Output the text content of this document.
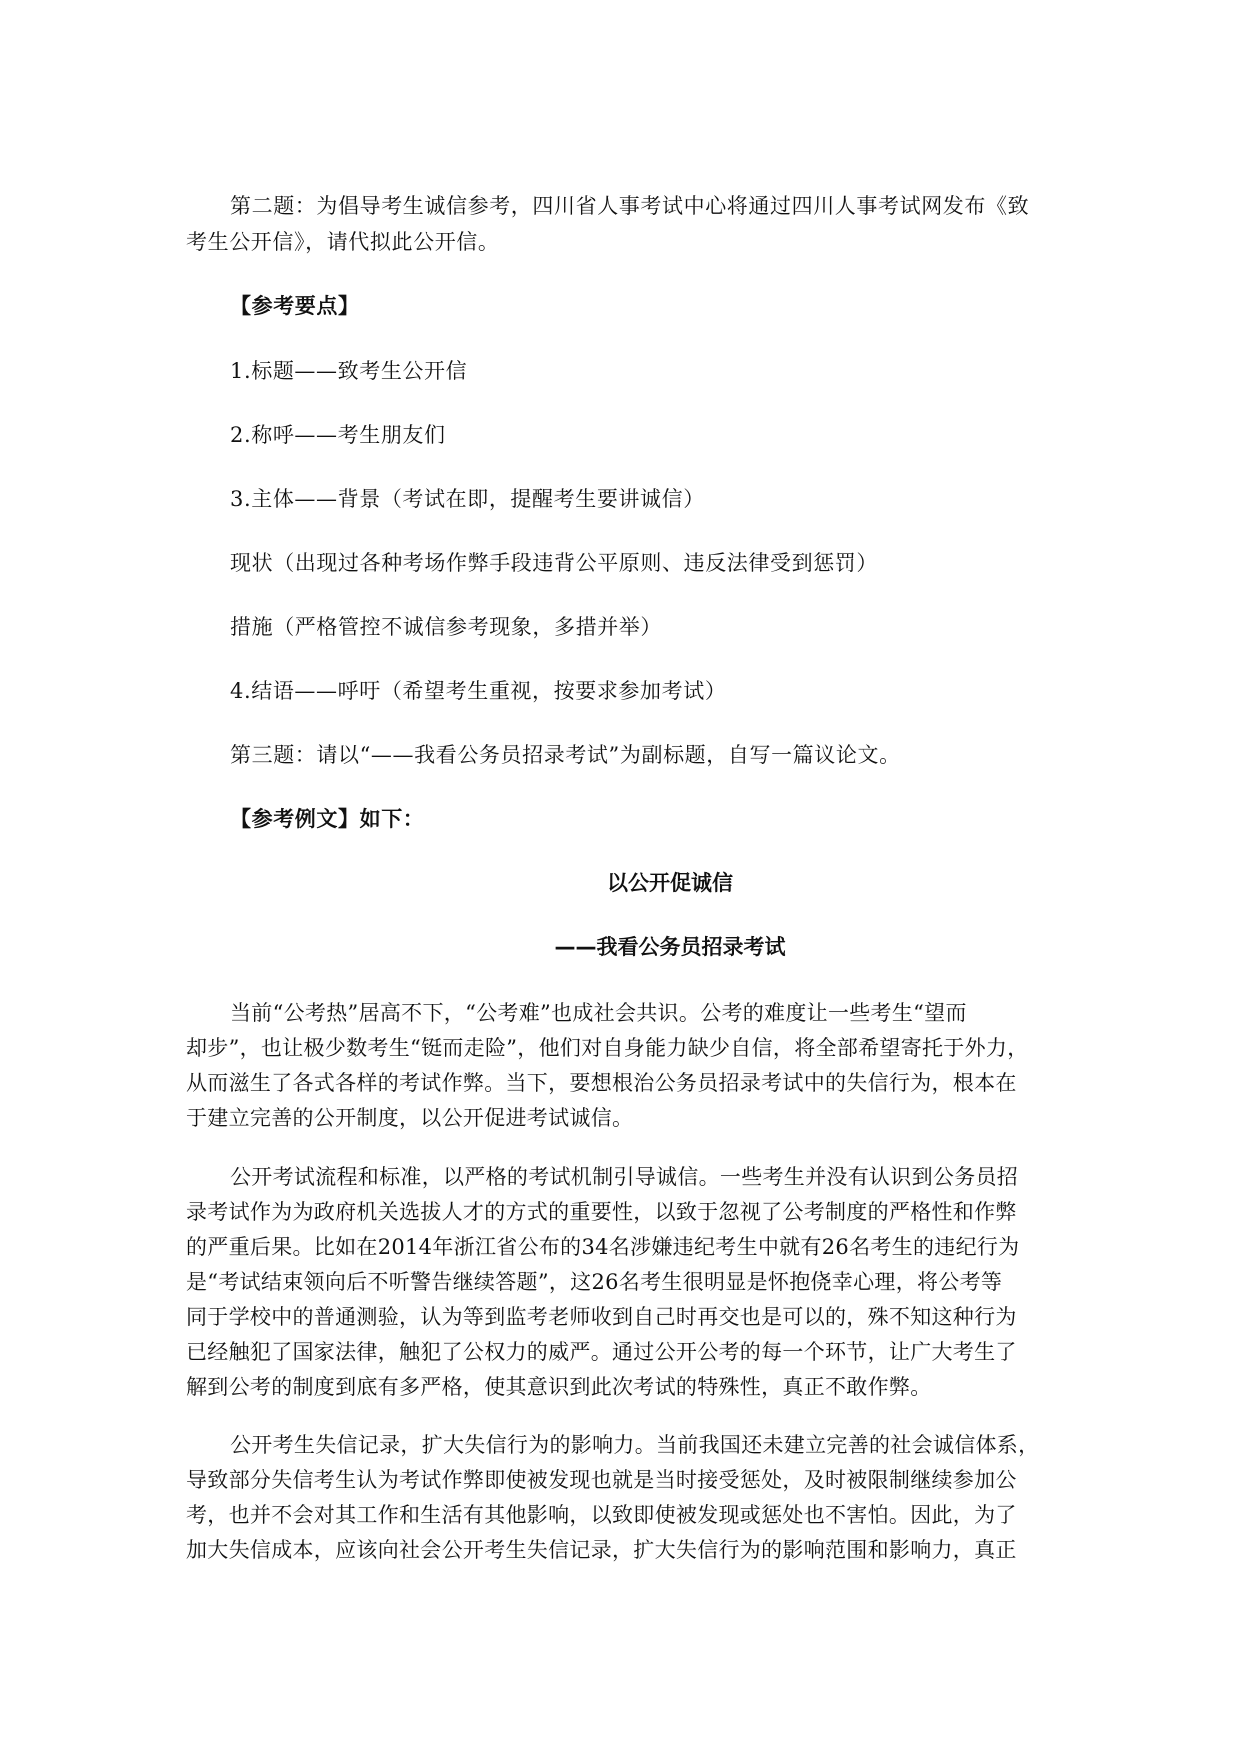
第二题：为倡导考生诚信参考，四川省人事考试中心将通过四川人事考试网发布《致
考生公开信》，请代拟此公开信。
【参考要点】
1.标题——致考生公开信
2.称呼——考生朋友们
3.主体——背景（考试在即，提醒考生要讲诚信）
现状（出现过各种考场作弊手段违背公平原则、违反法律受到惩罚）
措施（严格管控不诚信参考现象，多措并举）
4.结语——呼吁（希望考生重视，按要求参加考试）
第三题：请以“——我看公务员招录考试”为副标题，自写一篇议论文。
【参考例文】如下：
以公开促诚信
——我看公务员招录考试
当前“公考热”居高不下，“公考难”也成社会共识。公考的难度让一些考生“望而
却步”，也让极少数考生“铤而走险”，他们对自身能力缺少自信，将全部希望寄托于外力，
从而滋生了各式各样的考试作弊。当下，要想根治公务员招录考试中的失信行为，根本在
于建立完善的公开制度，以公开促进考试诚信。
公开考试流程和标准，以严格的考试机制引导诚信。一些考生并没有认识到公务员招
录考试作为为政府机关选拔人才的方式的重要性，以致于忽视了公考制度的严格性和作弊
的严重后果。比如在2014年浙江省公布的34名涉嫌违纪考生中就有26名考生的违纪行为
是“考试结束领向后不听警告继续答题”，这26名考生很明显是怀抱侥幸心理，将公考等
同于学校中的普通测验，认为等到监考老师收到自己时再交也是可以的，殊不知这种行为
已经触犯了国家法律，触犯了公权力的威严。通过公开公考的每一个环节，让广大考生了
解到公考的制度到底有多严格，使其意识到此次考试的特殊性，真正不敢作弊。
公开考生失信记录，扩大失信行为的影响力。当前我国还未建立完善的社会诚信体系，
导致部分失信考生认为考试作弊即使被发现也就是当时接受惩处，及时被限制继续参加公
考，也并不会对其工作和生活有其他影响，以致即使被发现或惩处也不害怕。因此，为了
加大失信成本，应该向社会公开考生失信记录，扩大失信行为的影响范围和影响力，真正
